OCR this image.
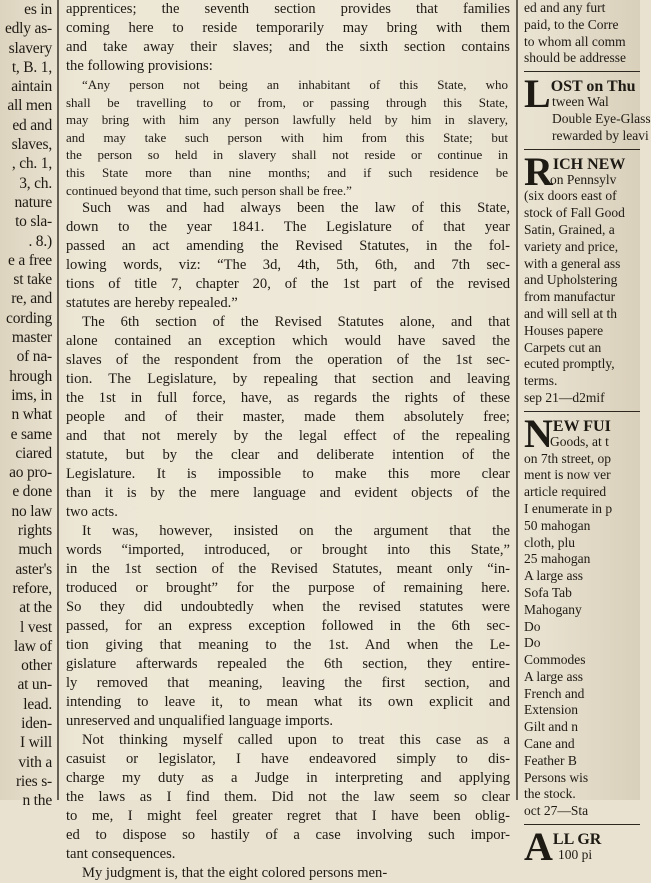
es in
edly as-
slavery
t, B. 1,
aintain
all men
ed and
slaves,
, ch. 1,
3, ch.
nature
to sla-
. 8.)
e a free
st take
re, and
cording
master
of na-
hrough
ims, in
n what
e same
ciared
ao pro-
e done
no law
rights
much
aster's
refore,
at the
l vest
law of
other
at un-
lead.
iden-
I will
vith a
ries s-
n the
apprentices; the seventh section provides that families
coming here to reside temporarily may bring with them
and take away their slaves; and the sixth section contains
the following provisions:
“Any person not being an inhabitant of this State, who
shall be travelling to or from, or passing through this State,
may bring with him any person lawfully held by him in slavery,
and may take such person with him from this State; but
the person so held in slavery shall not reside or continue in
this State more than nine months; and if such residence be
continued beyond that time, such person shall be free.”
Such was and had always been the law of this State,
down to the year 1841. The Legislature of that year
passed an act amending the Revised Statutes, in the fol-
lowing words, viz: “The 3d, 4th, 5th, 6th, and 7th sec-
tions of title 7, chapter 20, of the 1st part of the revised
statutes are hereby repealed.”
The 6th section of the Revised Statutes alone, and that
alone contained an exception which would have saved the
slaves of the respondent from the operation of the 1st sec-
tion. The Legislature, by repealing that section and leaving
the 1st in full force, have, as regards the rights of these
people and of their master, made them absolutely free;
and that not merely by the legal effect of the repealing
statute, but by the clear and deliberate intention of the
Legislature. It is impossible to make this more clear
than it is by the mere language and evident objects of the
two acts.
It was, however, insisted on the argument that the
words “imported, introduced, or brought into this State,”
in the 1st section of the Revised Statutes, meant only “in-
troduced or brought” for the purpose of remaining here.
So they did undoubtedly when the revised statutes were
passed, for an express exception followed in the 6th sec-
tion giving that meaning to the 1st. And when the Le-
gislature afterwards repealed the 6th section, they entire-
ly removed that meaning, leaving the first section, and
intending to leave it, to mean what its own explicit and
unreserved and unqualified language imports.
Not thinking myself called upon to treat this case as a
casuist or legislator, I have endeavored simply to dis-
charge my duty as a Judge in interpreting and applying
the laws as I find them. Did not the law seem so clear
to me, I might feel greater regret that I have been oblig-
ed to dispose so hastily of a case involving such impor-
tant consequences.
My judgment is, that the eight colored persons men-
ed and any furt
paid, to the Corre
to whom all comm
should be addresse
LOST on Thu
tween Wal
Double Eye-Glass
rewarded by leavi
RICH NEW
on Pennsylv
(six doors east of
stock of Fall Good
Satin, Grained, a
variety and price,
with a general ass
and Upholstering
from manufactur
and will sell at th
Houses papere
Carpets cut an
ecuted promptly,
terms.
sep 21—d2mif
NEW FUI
Goods, at t
on 7th street, op
ment is now ver
article required
I enumerate in p
50 mahogan
cloth, plu
25 mahogan
A large ass
Sofa Tab
Mahogany
Do
Do
Commodes
A large ass
French and
Extension
Gilt and n
Cane and
Feather B
Persons wis
the stock.
oct 27—Sta
ALL GR
100 pi
